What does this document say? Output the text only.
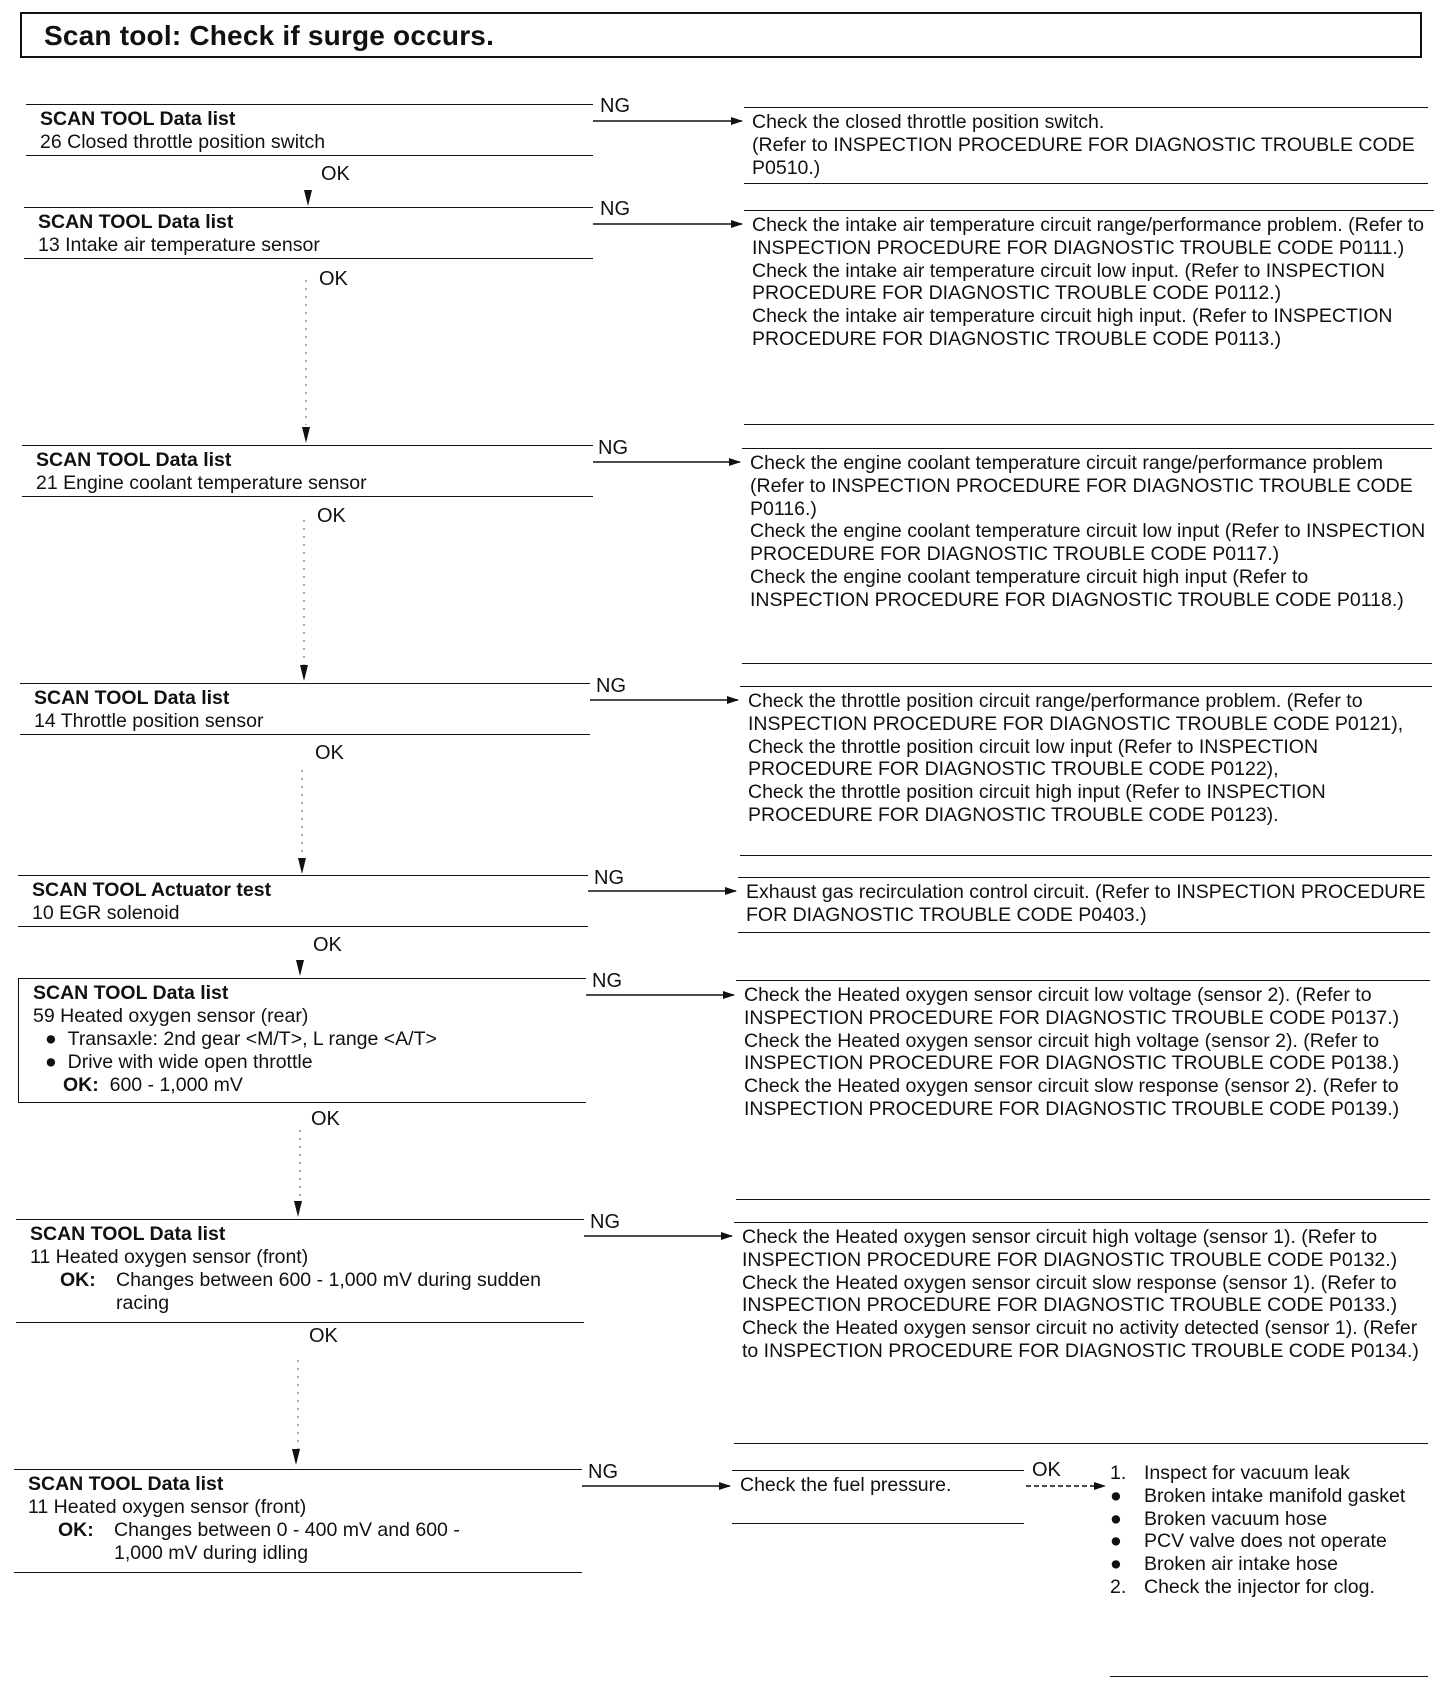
Scan tool: Check if surge occurs.
NG
NG
NG
NG
NG
NG
NG
NG	OK
OK
OK
OK
OK
OK
OK
OK
SCAN TOOL Data list
26 Closed throttle position switch
SCAN TOOL Data list
13 Intake air temperature sensor
SCAN TOOL Data list
21 Engine coolant temperature sensor
SCAN TOOL Data list
14 Throttle position sensor
SCAN TOOL Actuator test
10 EGR solenoid
SCAN TOOL Data list
59 Heated oxygen sensor (rear)
●  Transaxle: 2nd gear <M/T>, L range <A/T>
●  Drive with wide open throttle
OK: 600 - 1,000 mV
SCAN TOOL Data list
11 Heated oxygen sensor (front)
OK:	Changes between 600 - 1,000 mV during sudden racing
SCAN TOOL Data list
11 Heated oxygen sensor (front)
OK:	Changes between 0 - 400 mV and 600 - 1,000 mV during idling
Check the closed throttle position switch.
(Refer to INSPECTION PROCEDURE FOR DIAGNOSTIC TROUBLE CODE P0510.)
Check the intake air temperature circuit range/performance problem. (Refer to INSPECTION PROCEDURE FOR DIAGNOSTIC TROUBLE CODE P0111.)
Check the intake air temperature circuit low input. (Refer to INSPECTION PROCEDURE FOR DIAGNOSTIC TROUBLE CODE P0112.)
Check the intake air temperature circuit high input. (Refer to INSPECTION PROCEDURE FOR DIAGNOSTIC TROUBLE CODE P0113.)
Check the engine coolant temperature circuit range/performance problem (Refer to INSPECTION PROCEDURE FOR DIAGNOSTIC TROUBLE CODE P0116.)
Check the engine coolant temperature circuit low input (Refer to INSPECTION PROCEDURE FOR DIAGNOSTIC TROUBLE CODE P0117.)
Check the engine coolant temperature circuit high input (Refer to INSPECTION PROCEDURE FOR DIAGNOSTIC TROUBLE CODE P0118.)
Check the throttle position circuit range/performance problem. (Refer to INSPECTION PROCEDURE FOR DIAGNOSTIC TROUBLE CODE P0121),
Check the throttle position circuit low input (Refer to INSPECTION PROCEDURE FOR DIAGNOSTIC TROUBLE CODE P0122),
Check the throttle position circuit high input (Refer to INSPECTION PROCEDURE FOR DIAGNOSTIC TROUBLE CODE P0123).
Exhaust gas recirculation control circuit. (Refer to INSPECTION PROCEDURE FOR DIAGNOSTIC TROUBLE CODE P0403.)
Check the Heated oxygen sensor circuit low voltage (sensor 2). (Refer to INSPECTION PROCEDURE FOR DIAGNOSTIC TROUBLE CODE P0137.)
Check the Heated oxygen sensor circuit high voltage (sensor 2). (Refer to INSPECTION PROCEDURE FOR DIAGNOSTIC TROUBLE CODE P0138.)
Check the Heated oxygen sensor circuit slow response (sensor 2). (Refer to INSPECTION PROCEDURE FOR DIAGNOSTIC TROUBLE CODE P0139.)
Check the Heated oxygen sensor circuit high voltage (sensor 1). (Refer to INSPECTION PROCEDURE FOR DIAGNOSTIC TROUBLE CODE P0132.)
Check the Heated oxygen sensor circuit slow response (sensor 1). (Refer to INSPECTION PROCEDURE FOR DIAGNOSTIC TROUBLE CODE P0133.)
Check the Heated oxygen sensor circuit no activity detected (sensor 1). (Refer to INSPECTION PROCEDURE FOR DIAGNOSTIC TROUBLE CODE P0134.)
Check the fuel pressure.
1. Inspect for vacuum leak
●	Broken intake manifold gasket
●	Broken vacuum hose
●	PCV valve does not operate
●	Broken air intake hose
2. Check the injector for clog.
